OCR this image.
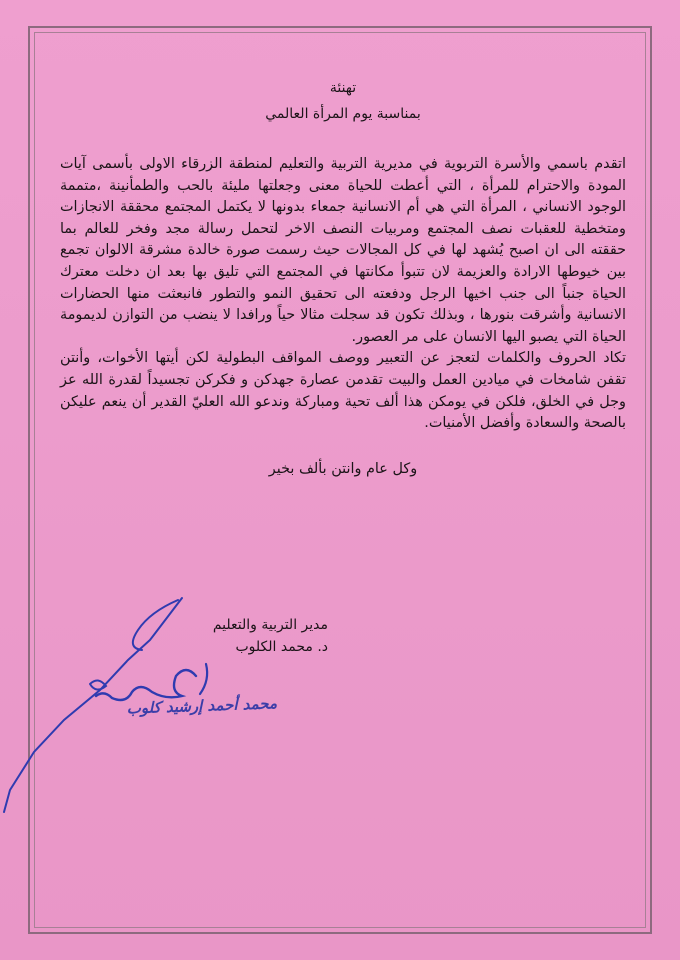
تهنئة

بمناسبة يوم المرأة العالمي

اتقدم باسمي والأسرة التربوية في مديرية التربية والتعليم لمنطقة الزرقاء الاولى بأسمى آيات المودة والاحترام للمرأة ، التي أعطت للحياة معنى وجعلتها مليئة بالحب والطمأنينة ،متممة الوجود الانساني ، المرأة التي هي أم الانسانية جمعاء بدونها لا يكتمل المجتمع محققة الانجازات ومتخطية للعقبات نصف المجتمع ومربيات النصف الاخر لتحمل رسالة مجد وفخر للعالم بما حققته الى ان اصبح يُشهد لها في كل المجالات حيث رسمت صورة خالدة مشرقة الالوان تجمع بين خيوطها الارادة والعزيمة لان تتبوأ مكانتها في المجتمع التي تليق بها بعد ان دخلت معترك الحياة جنباً الى جنب اخيها الرجل ودفعته الى تحقيق النمو والتطور فانبعثت منها الحضارات الانسانية وأشرقت بنورها ، وبذلك تكون قد سجلت مثالا حياً ورافدا لا ينضب من التوازن لديمومة الحياة التي يصبو اليها الانسان على مر العصور.

تكاد الحروف والكلمات لتعجز عن التعبير ووصف المواقف البطولية لكن أيتها الأخوات، وأنتن تقفن شامخات في ميادين العمل والبيت تقدمن عصارة جهدكن و فكركن تجسيداً لقدرة الله عز وجل في الخلق، فلكن في يومكن هذا ألف تحية ومباركة وندعو الله العليّ القدير أن ينعم عليكن بالصحة والسعادة وأفضل الأمنيات.

وكل عام وانتن بألف بخير

مدير التربية والتعليم

د. محمد الكلوب

محمد أحمد إرشيد كلوب
